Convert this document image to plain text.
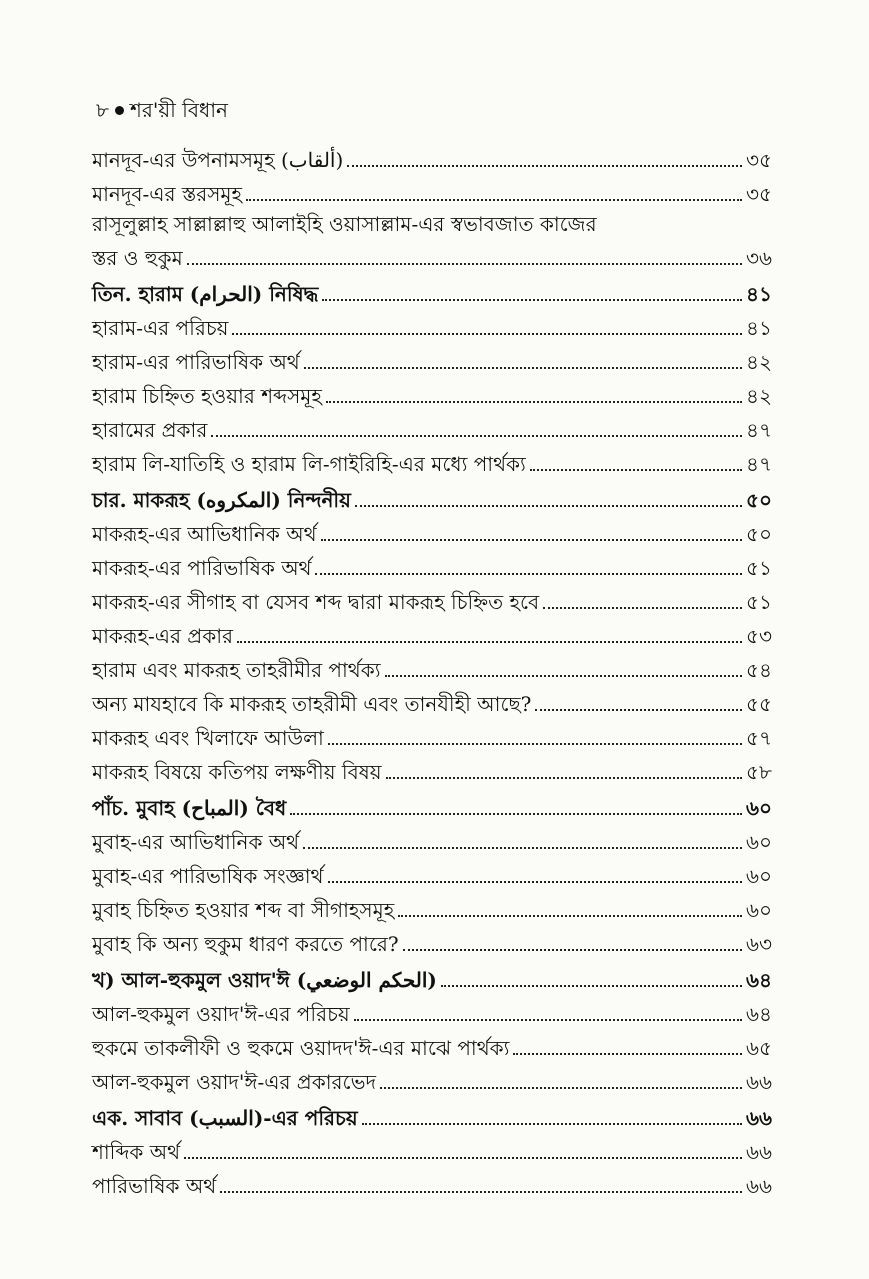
৮ শর'য়ী বিধান
মানদূব-এর উপনামসমূহ (ألقاب)	৩৫
মানদূব-এর স্তরসমূহ	৩৫
রাসূলুল্লাহ সাল্লাল্লাহু আলাইহি ওয়াসাল্লাম-এর স্বভাবজাত কাজের
স্তর ও হুকুম	৩৬
তিন. হারাম (الحرام) নিষিদ্ধ	৪১
হারাম-এর পরিচয়	৪১
হারাম-এর পারিভাষিক অর্থ	৪২
হারাম চিহ্নিত হওয়ার শব্দসমূহ	৪২
হারামের প্রকার	৪৭
হারাম লি-যাতিহি ও হারাম লি-গাইরিহি-এর মধ্যে পার্থক্য	৪৭
চার. মাকরূহ (المكروه) নিন্দনীয়	৫০
মাকরূহ-এর আভিধানিক অর্থ	৫০
মাকরূহ-এর পারিভাষিক অর্থ	৫১
মাকরূহ-এর সীগাহ বা যেসব শব্দ দ্বারা মাকরূহ চিহ্নিত হবে	৫১
মাকরূহ-এর প্রকার	৫৩
হারাম এবং মাকরূহ তাহরীমীর পার্থক্য	৫৪
অন্য মাযহাবে কি মাকরূহ তাহরীমী এবং তানযীহী আছে?	৫৫
মাকরূহ এবং খিলাফে আউলা	৫৭
মাকরূহ বিষয়ে কতিপয় লক্ষণীয় বিষয়	৫৮
পাঁচ. মুবাহ (المباح) বৈধ	৬০
মুবাহ-এর আভিধানিক অর্থ	৬০
মুবাহ-এর পারিভাষিক সংজ্ঞার্থ	৬০
মুবাহ চিহ্নিত হওয়ার শব্দ বা সীগাহসমূহ	৬০
মুবাহ কি অন্য হুকুম ধারণ করতে পারে?	৬৩
খ) আল-হুকমুল ওয়াদ'ঈ (الحكم الوضعي)	৬৪
আল-হুকমুল ওয়াদ'ঈ-এর পরিচয়	৬৪
হুকমে তাকলীফী ও হুকমে ওয়াদদ'ঈ-এর মাঝে পার্থক্য	৬৫
আল-হুকমুল ওয়াদ'ঈ-এর প্রকারভেদ	৬৬
এক. সাবাব (السبب)-এর পরিচয়	৬৬
শাব্দিক অর্থ	৬৬
পারিভাষিক অর্থ	৬৬
